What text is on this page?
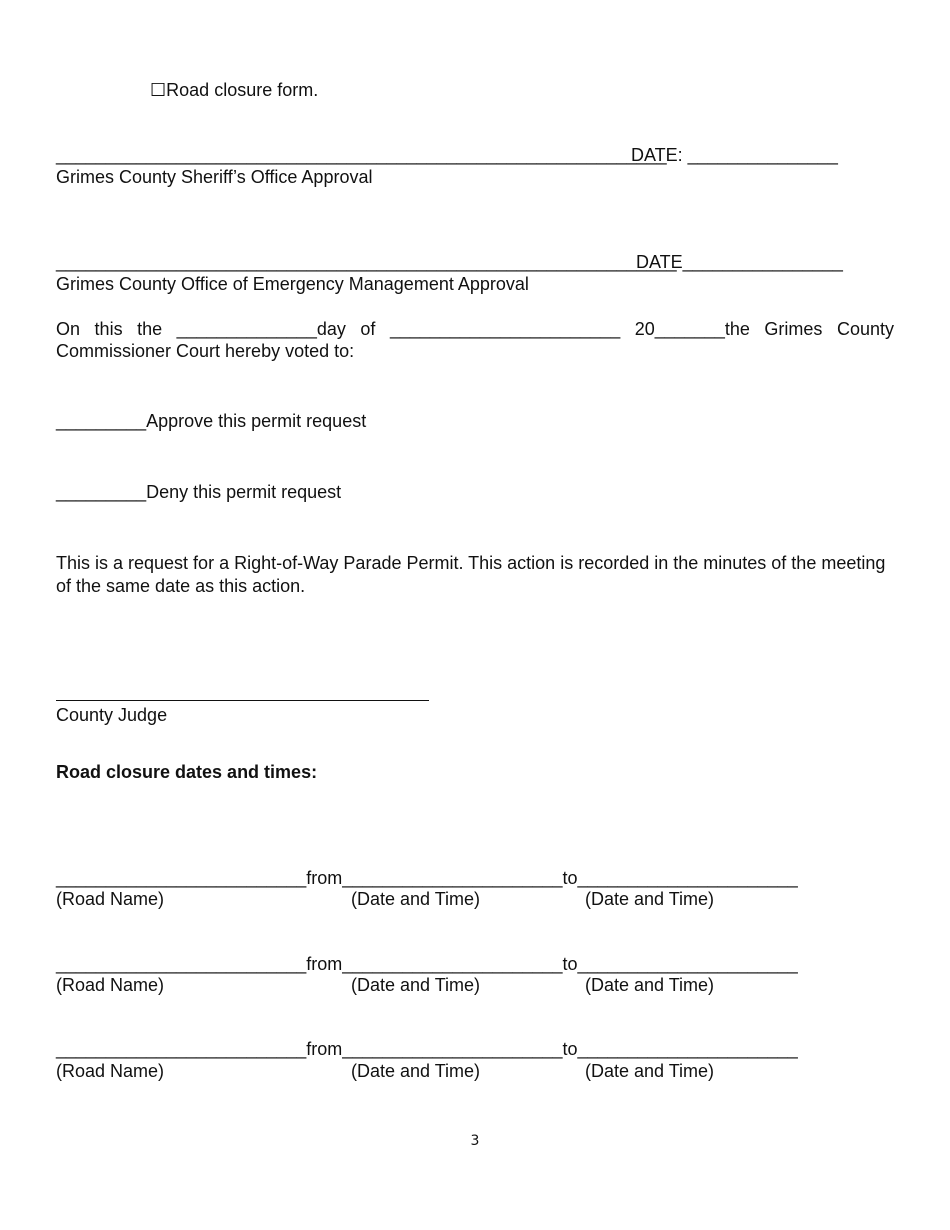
☐Road closure form.

_____________________________________________________________
DATE: _______________
Grimes County Sheriff’s Office Approval
______________________________________________________________
DATE________________
Grimes County Office of Emergency Management Approval
On this the ______________day of _______________________ 20_______the Grimes County
Commissioner Court hereby voted to:
_________Approve this permit request
_________Deny this permit request
This is a request for a Right-of-Way Parade Permit. This action is recorded in the minutes of the meeting of the same date as this action.
County Judge
Road closure dates and times:
_________________________from______________________to______________________
(Road Name)	(Date and Time)	(Date and Time)
_________________________from______________________to______________________
(Road Name)	(Date and Time)	(Date and Time)
_________________________from______________________to______________________
(Road Name)	(Date and Time)	(Date and Time)
3
